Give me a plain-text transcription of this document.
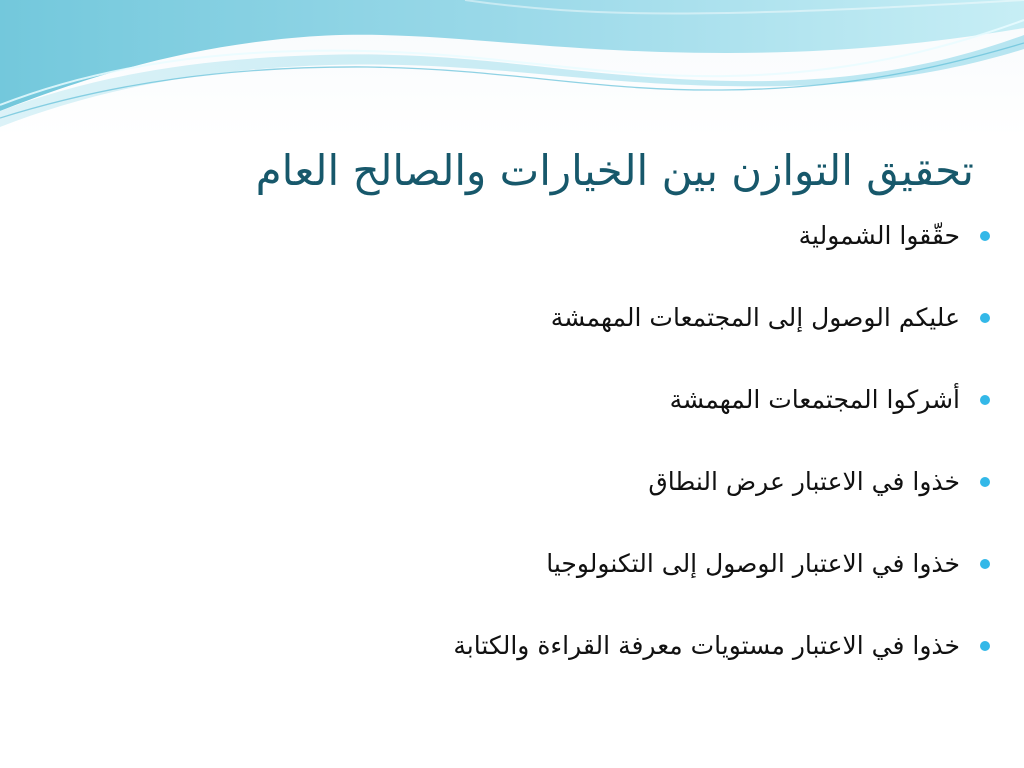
تحقيق التوازن بين الخيارات والصالح العام
حقّقوا الشمولية
عليكم الوصول إلى المجتمعات المهمشة
أشركوا المجتمعات المهمشة
خذوا في الاعتبار عرض النطاق
خذوا في الاعتبار الوصول إلى التكنولوجيا
خذوا في الاعتبار مستويات معرفة القراءة والكتابة
